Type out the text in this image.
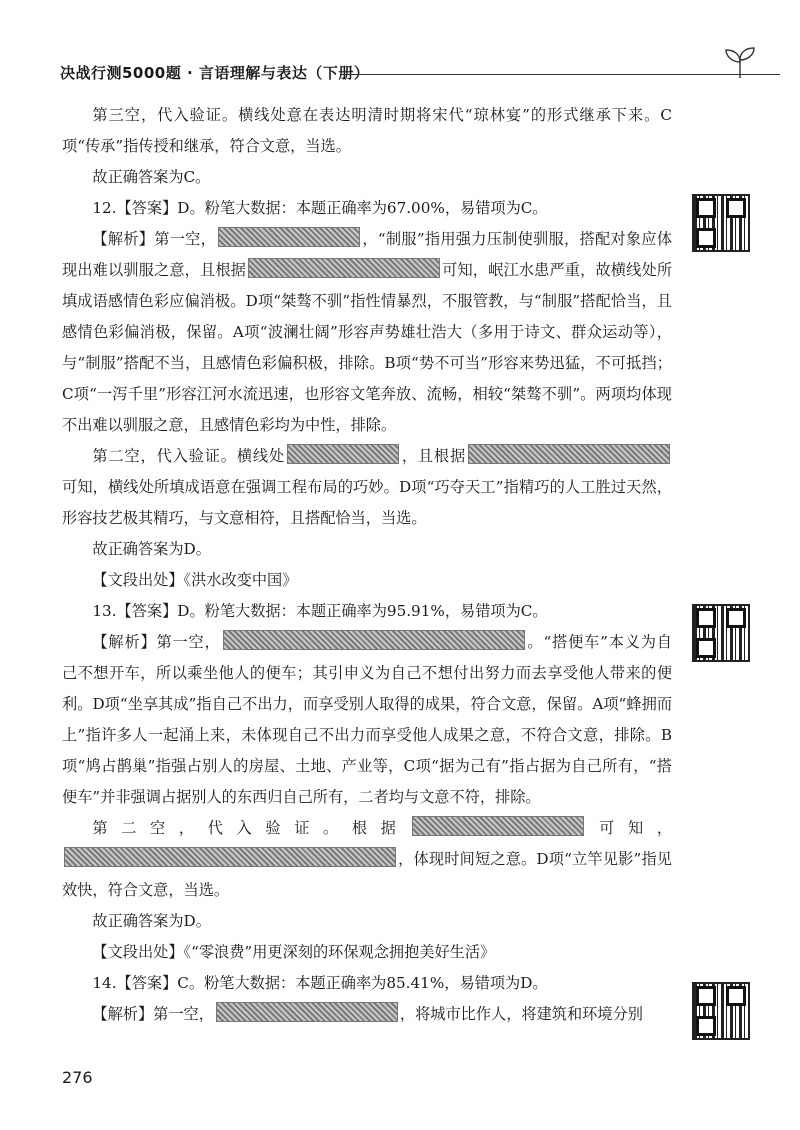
决战行测5000题 · 言语理解与表达（下册）

第三空，代入验证。横线处意在表达明清时期将宋代“琼林宴”的形式继承下来。C项“传承”指传授和继承，符合文意，当选。

故正确答案为C。

12.【答案】D。粉笔大数据：本题正确率为67.00%，易错项为C。

【解析】第一空，	，“制服”指用强力压制使驯服，搭配对象应体现出难以驯服之意，且根据	可知，岷江水患严重，故横线处所填成语感情色彩应偏消极。D项“桀骜不驯”指性情暴烈，不服管教，与“制服”搭配恰当，且感情色彩偏消极，保留。A项“波澜壮阔”形容声势雄壮浩大（多用于诗文、群众运动等），与“制服”搭配不当，且感情色彩偏积极，排除。B项“势不可当”形容来势迅猛，不可抵挡；C项“一泻千里”形容江河水流迅速，也形容文笔奔放、流畅，相较“桀骜不驯”。两项均体现不出难以驯服之意，且感情色彩均为中性，排除。

第二空，代入验证。横线处	，且根据可知，横线处所填成语意在强调工程布局的巧妙。D项“巧夺天工”指精巧的人工胜过天然，形容技艺极其精巧，与文意相符，且搭配恰当，当选。

故正确答案为D。

【文段出处】《洪水改变中国》

13.【答案】D。粉笔大数据：本题正确率为95.91%，易错项为C。

【解析】第一空，	。“搭便车”本义为自己不想开车，所以乘坐他人的便车；其引申义为自己不想付出努力而去享受他人带来的便利。D项“坐享其成”指自己不出力，而享受别人取得的成果，符合文意，保留。A项“蜂拥而上”指许多人一起涌上来，未体现自己不出力而享受他人成果之意，不符合文意，排除。B项“鸠占鹊巢”指强占别人的房屋、土地、产业等，C项“据为己有”指占据为自己所有，“搭便车”并非强调占据别人的东西归自己所有，二者均与文意不符，排除。

第二空，代入验证。根据	可知，，体现时间短之意。D项“立竿见影”指见效快，符合文意，当选。

故正确答案为D。

【文段出处】《“零浪费”用更深刻的环保观念拥抱美好生活》

14.【答案】C。粉笔大数据：本题正确率为85.41%，易错项为D。

【解析】第一空，	，将城市比作人，将建筑和环境分别

276
